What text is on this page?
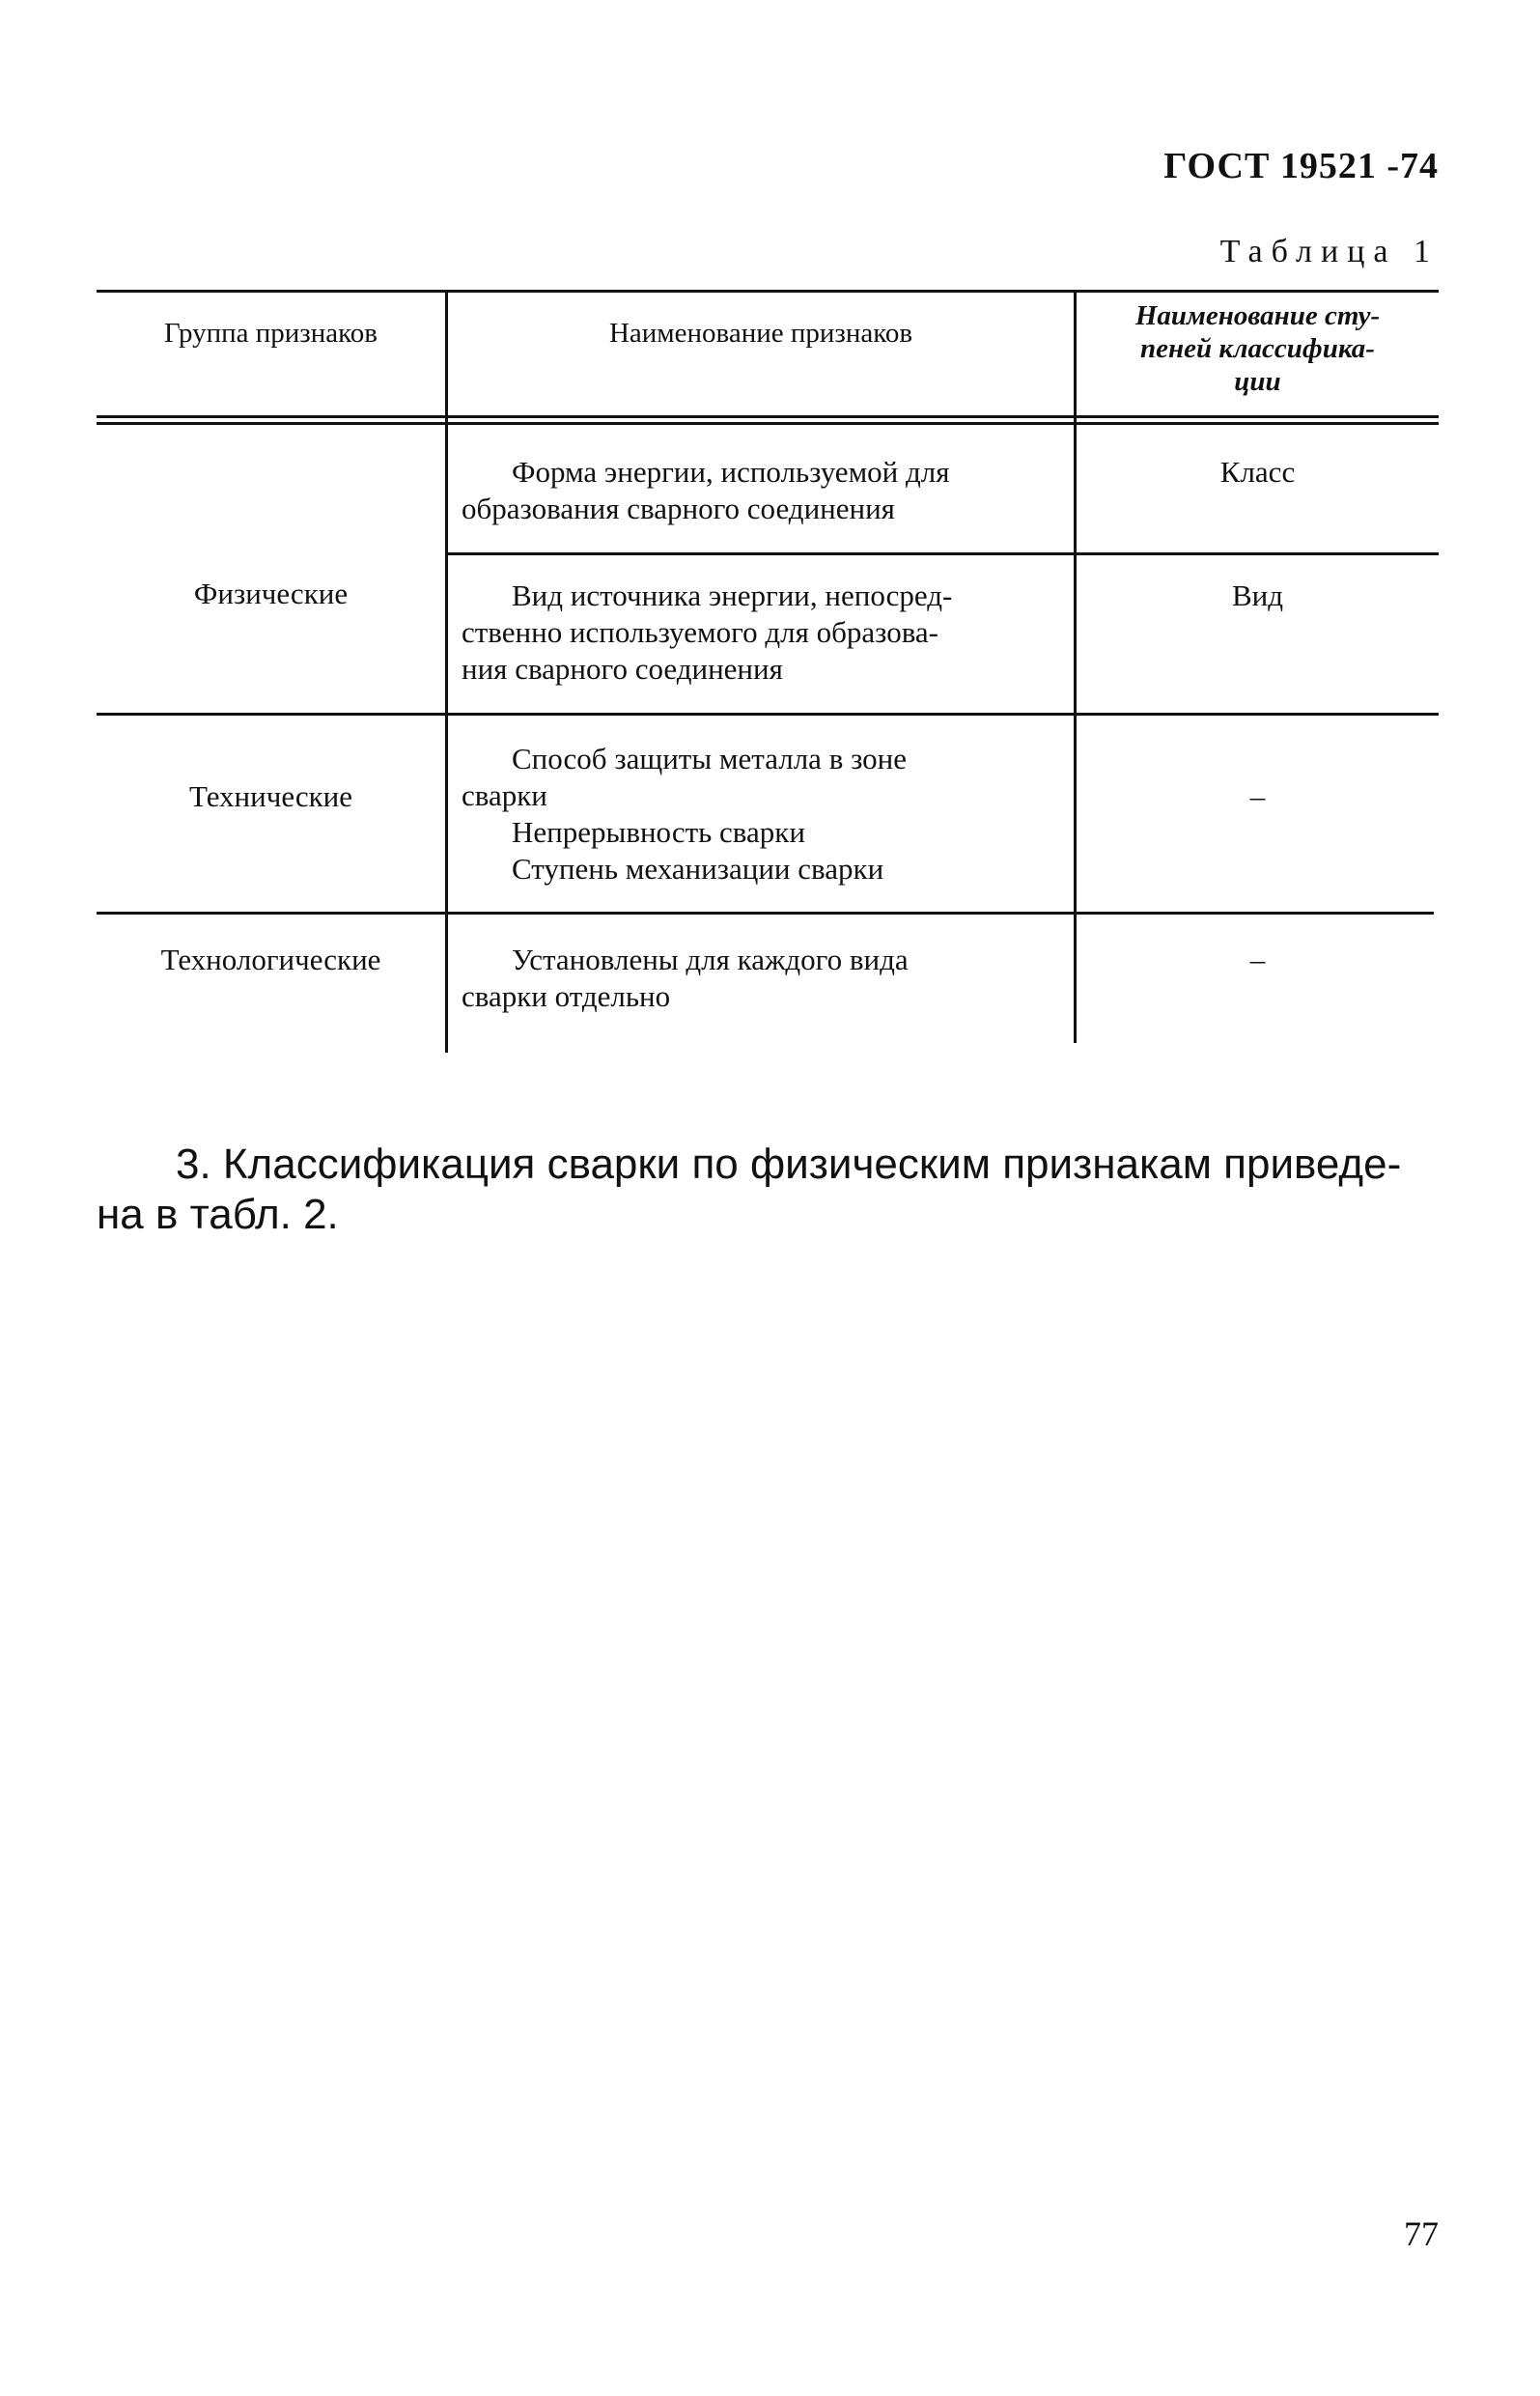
ГОСТ 19521 -74
Таблица 1
Группа признаков	Наименование признаков
Наименование сту-
пеней классифика-
ции
Физические
Форма энергии, используемой для
образования сварного соединения
Класс
Вид источника энергии, непосред-
ственно используемого для образова-
ния сварного соединения
Вид
Технические
Способ защиты металла в зоне
сварки
Непрерывность сварки
Ступень механизации сварки
–
Технологические	Установлены для каждого вида
сварки отдельно
–
3. Классификация сварки по физическим признакам приведе-
на в табл. 2.
77
